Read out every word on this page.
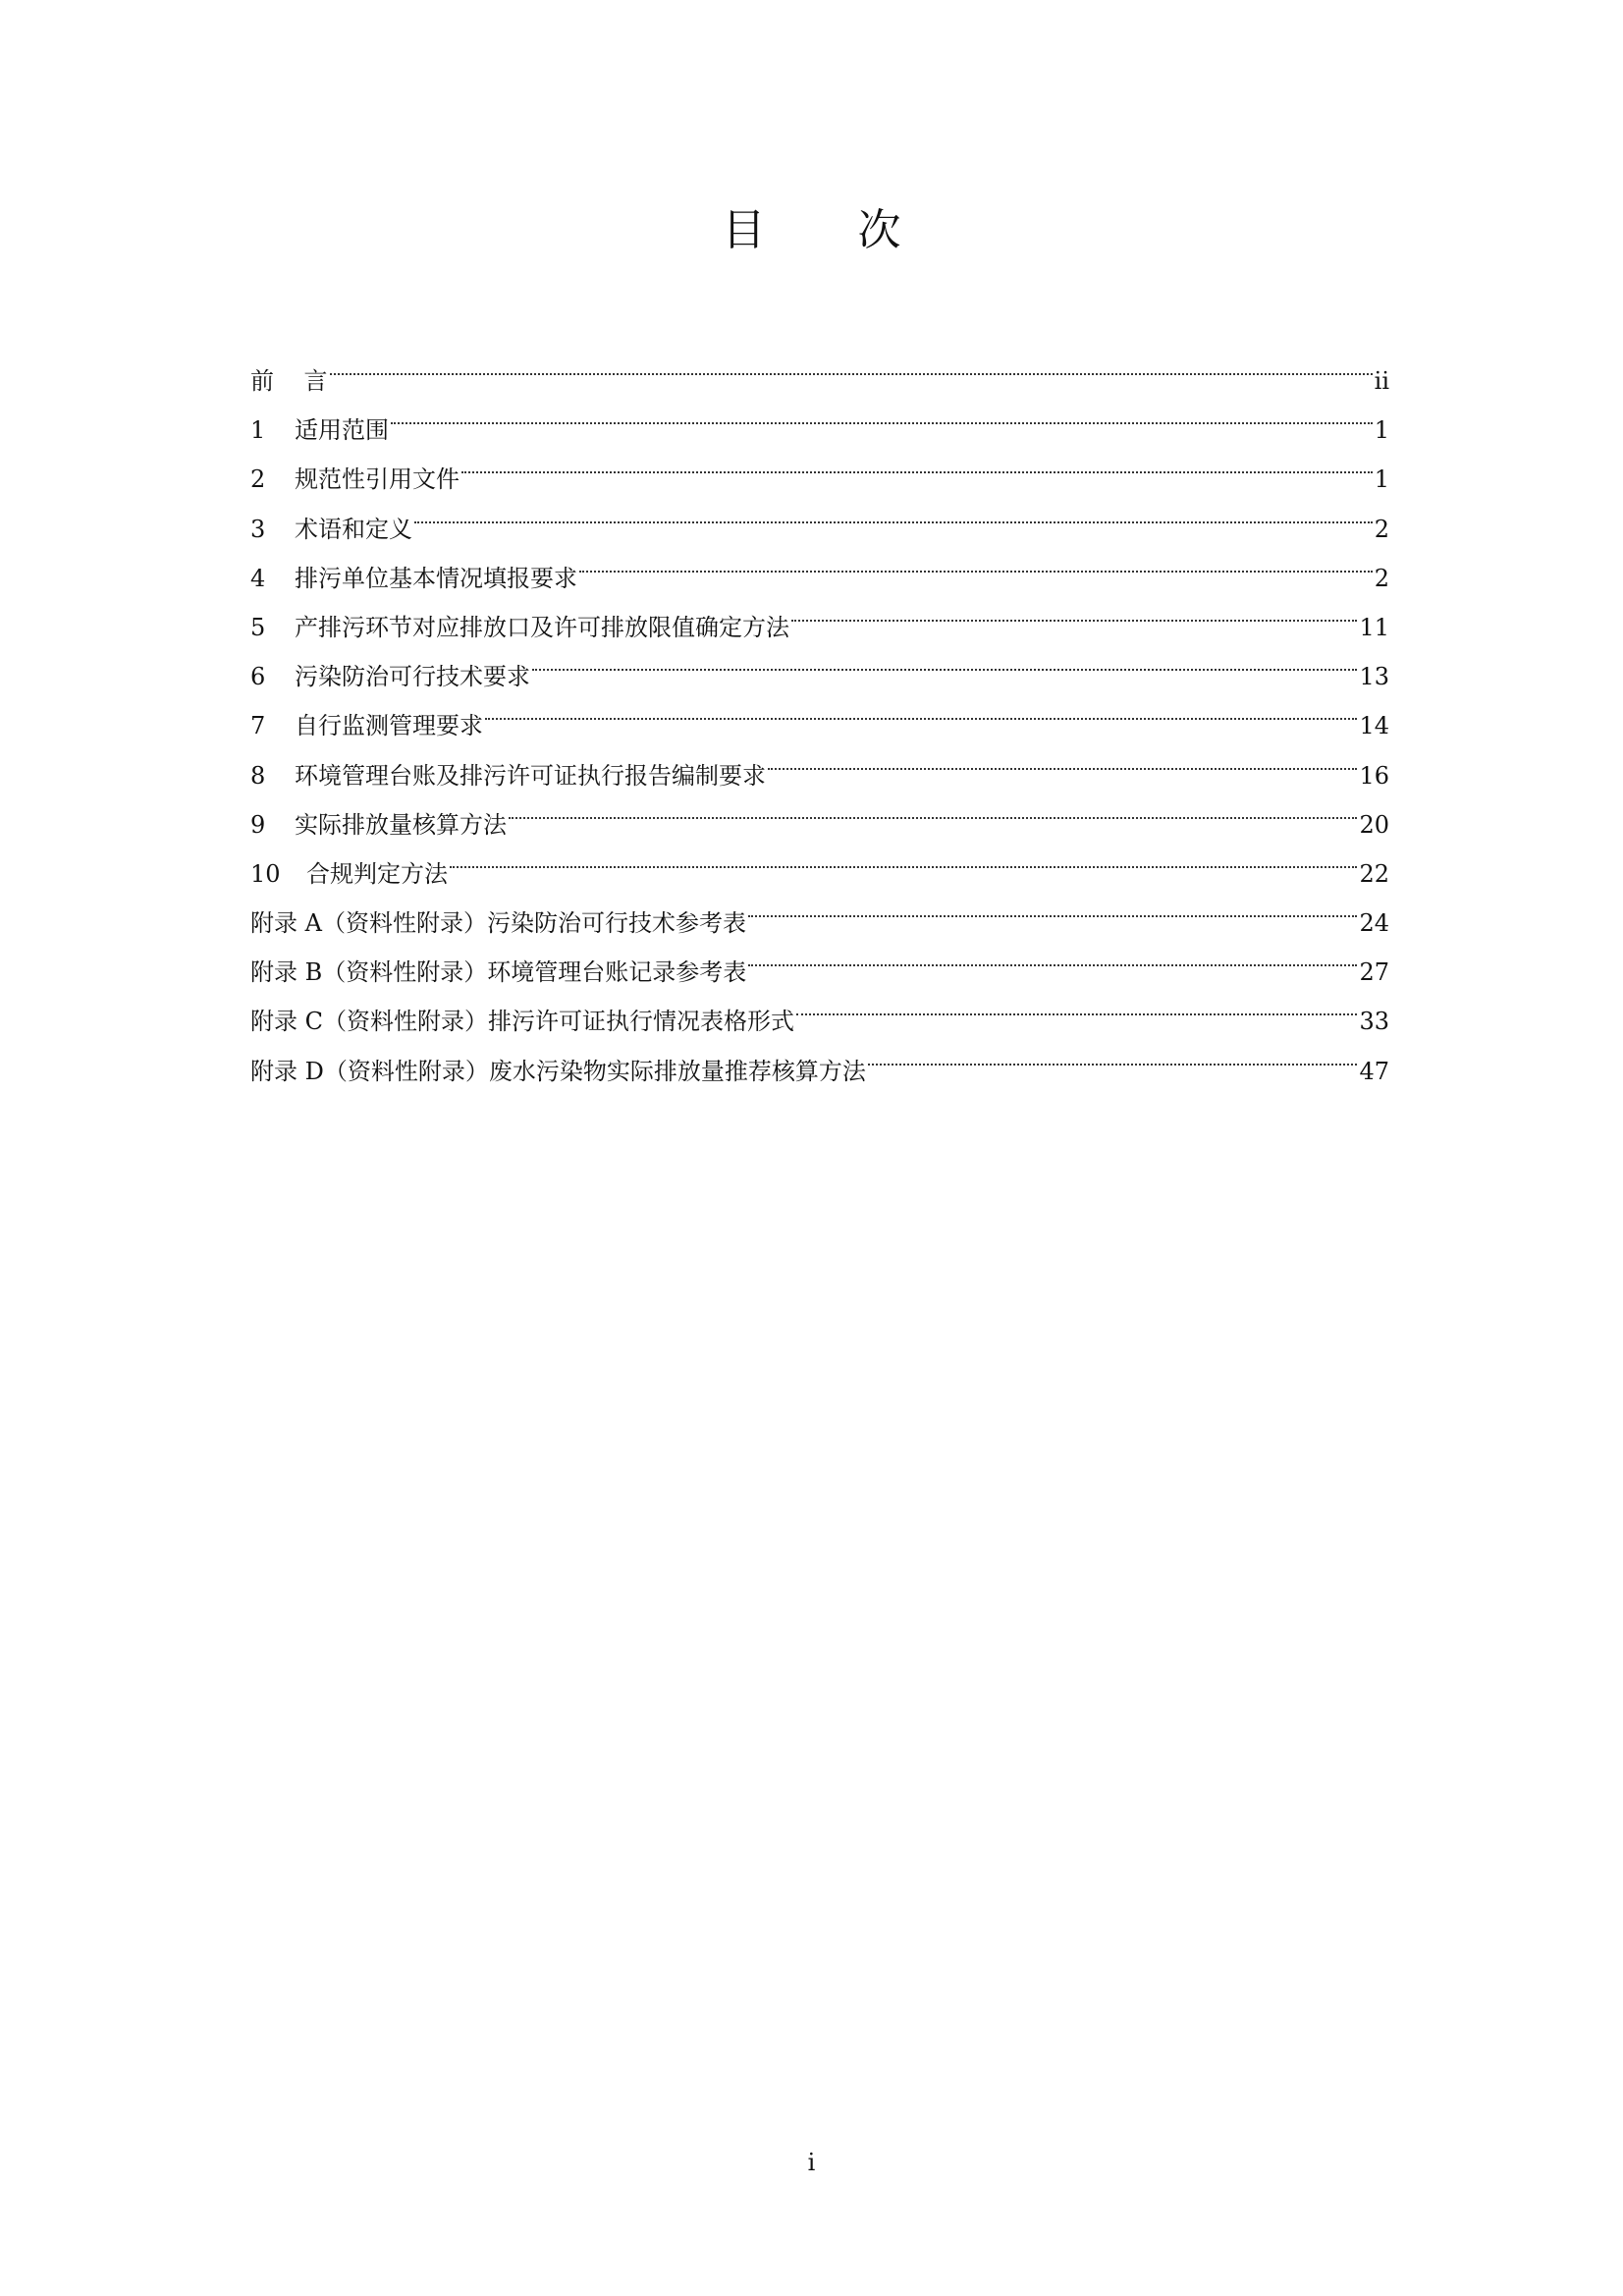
目 次
前    言	ii
1	适用范围	1
2	规范性引用文件	1
3	术语和定义	2
4	排污单位基本情况填报要求	2
5	产排污环节对应排放口及许可排放限值确定方法	11
6	污染防治可行技术要求	13
7	自行监测管理要求	14
8	环境管理台账及排污许可证执行报告编制要求	16
9	实际排放量核算方法	20
10	合规判定方法	22
附录 A（资料性附录）污染防治可行技术参考表	24
附录 B（资料性附录）环境管理台账记录参考表	27
附录 C（资料性附录）排污许可证执行情况表格形式	33
附录 D（资料性附录）废水污染物实际排放量推荐核算方法	47
i
